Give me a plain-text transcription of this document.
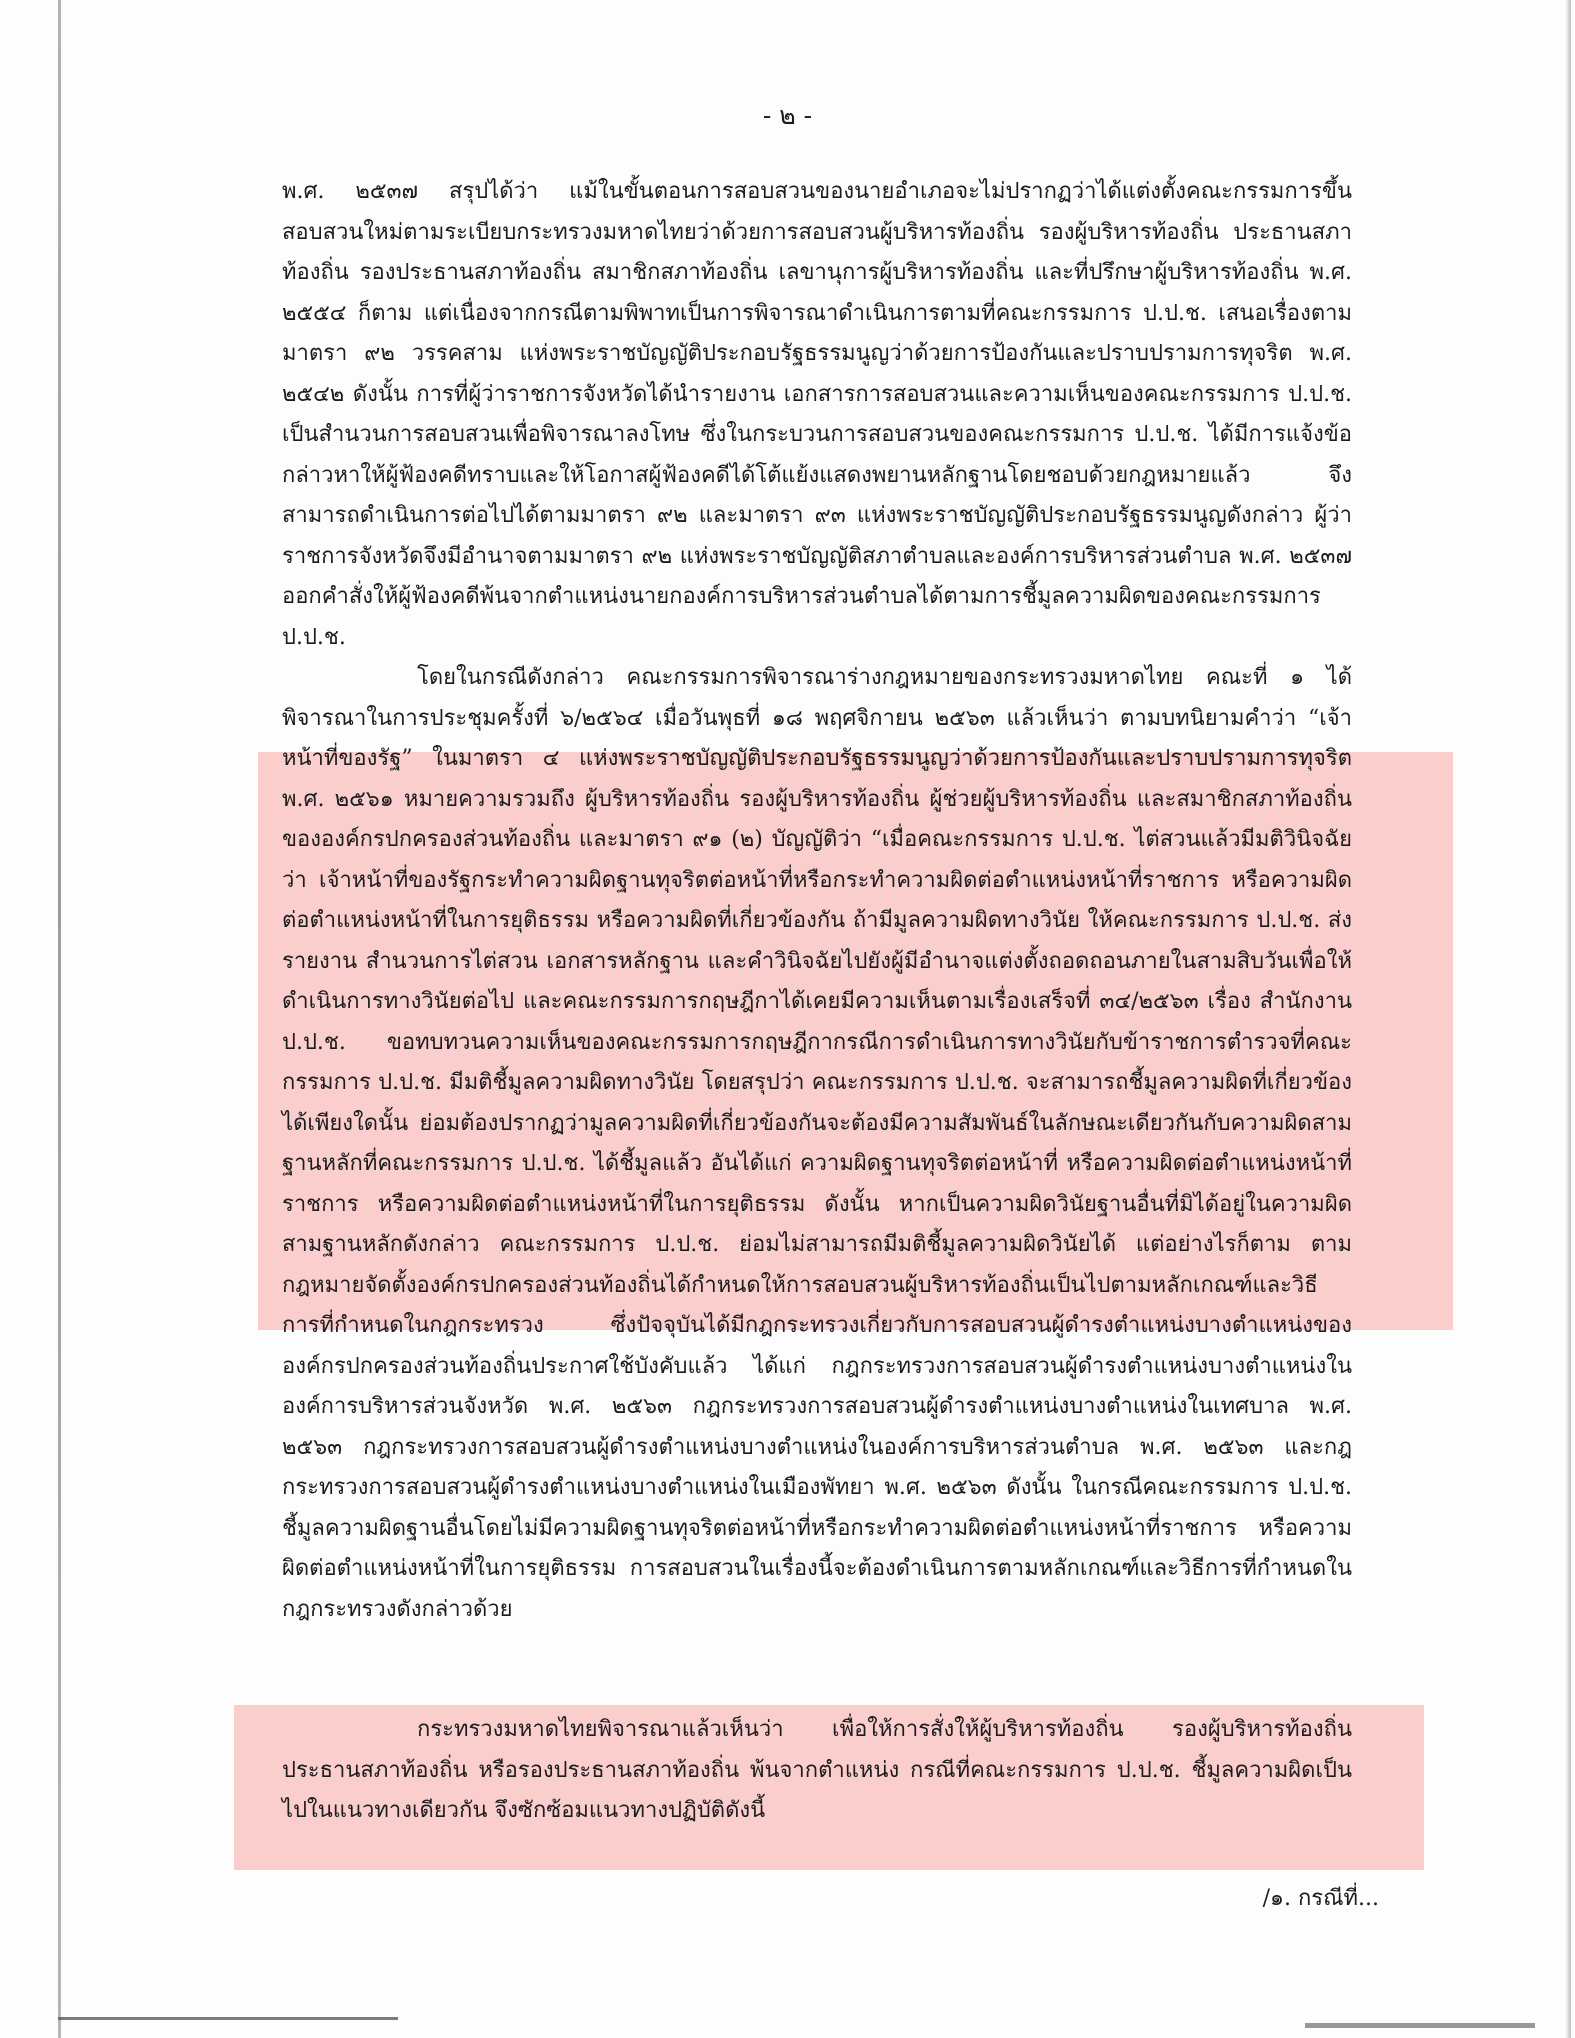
- ๒ -

พ.ศ. ๒๕๓๗ สรุปได้ว่า แม้ในขั้นตอนการสอบสวนของนายอำเภอจะไม่ปรากฏว่าได้แต่งตั้งคณะกรรมการขึ้นสอบสวนใหม่ตามระเบียบกระทรวงมหาดไทยว่าด้วยการสอบสวนผู้บริหารท้องถิ่น รองผู้บริหารท้องถิ่น ประธานสภาท้องถิ่น รองประธานสภาท้องถิ่น สมาชิกสภาท้องถิ่น เลขานุการผู้บริหารท้องถิ่น และที่ปรึกษาผู้บริหารท้องถิ่น พ.ศ. ๒๕๕๔ ก็ตาม แต่เนื่องจากกรณีตามพิพาทเป็นการพิจารณาดำเนินการตามที่คณะกรรมการ ป.ป.ช. เสนอเรื่องตามมาตรา ๙๒ วรรคสาม แห่งพระราชบัญญัติประกอบรัฐธรรมนูญว่าด้วยการป้องกันและปราบปรามการทุจริต พ.ศ. ๒๕๔๒ ดังนั้น การที่ผู้ว่าราชการจังหวัดได้นำรายงาน เอกสารการสอบสวนและความเห็นของคณะกรรมการ ป.ป.ช. เป็นสำนวนการสอบสวนเพื่อพิจารณาลงโทษ ซึ่งในกระบวนการสอบสวนของคณะกรรมการ ป.ป.ช. ได้มีการแจ้งข้อกล่าวหาให้ผู้ฟ้องคดีทราบและให้โอกาสผู้ฟ้องคดีได้โต้แย้งแสดงพยานหลักฐานโดยชอบด้วยกฎหมายแล้ว จึงสามารถดำเนินการต่อไปได้ตามมาตรา ๙๒ และมาตรา ๙๓ แห่งพระราชบัญญัติประกอบรัฐธรรมนูญดังกล่าว ผู้ว่าราชการจังหวัดจึงมีอำนาจตามมาตรา ๙๒ แห่งพระราชบัญญัติสภาตำบลและองค์การบริหารส่วนตำบล พ.ศ. ๒๕๓๗ ออกคำสั่งให้ผู้ฟ้องคดีพ้นจากตำแหน่งนายกองค์การบริหารส่วนตำบลได้ตามการชี้มูลความผิดของคณะกรรมการ ป.ป.ช.

โดยในกรณีดังกล่าว คณะกรรมการพิจารณาร่างกฎหมายของกระทรวงมหาดไทย คณะที่ ๑ ได้พิจารณาในการประชุมครั้งที่ ๖/๒๕๖๔ เมื่อวันพุธที่ ๑๘ พฤศจิกายน ๒๕๖๓ แล้วเห็นว่า ตามบทนิยามคำว่า “เจ้าหน้าที่ของรัฐ” ในมาตรา ๔ แห่งพระราชบัญญัติประกอบรัฐธรรมนูญว่าด้วยการป้องกันและปราบปรามการทุจริต พ.ศ. ๒๕๖๑ หมายความรวมถึง ผู้บริหารท้องถิ่น รองผู้บริหารท้องถิ่น ผู้ช่วยผู้บริหารท้องถิ่น และสมาชิกสภาท้องถิ่นขององค์กรปกครองส่วนท้องถิ่น และมาตรา ๙๑ (๒) บัญญัติว่า “เมื่อคณะกรรมการ ป.ป.ช. ไต่สวนแล้วมีมติวินิจฉัยว่า เจ้าหน้าที่ของรัฐกระทำความผิดฐานทุจริตต่อหน้าที่หรือกระทำความผิดต่อตำแหน่งหน้าที่ราชการ หรือความผิดต่อตำแหน่งหน้าที่ในการยุติธรรม หรือความผิดที่เกี่ยวข้องกัน ถ้ามีมูลความผิดทางวินัย ให้คณะกรรมการ ป.ป.ช. ส่งรายงาน สำนวนการไต่สวน เอกสารหลักฐาน และคำวินิจฉัยไปยังผู้มีอำนาจแต่งตั้งถอดถอนภายในสามสิบวันเพื่อให้ดำเนินการทางวินัยต่อไป และคณะกรรมการกฤษฎีกาได้เคยมีความเห็นตามเรื่องเสร็จที่ ๓๔/๒๕๖๓ เรื่อง สำนักงาน ป.ป.ช. ขอทบทวนความเห็นของคณะกรรมการกฤษฎีกากรณีการดำเนินการทางวินัยกับข้าราชการตำรวจที่คณะกรรมการ ป.ป.ช. มีมติชี้มูลความผิดทางวินัย โดยสรุปว่า คณะกรรมการ ป.ป.ช. จะสามารถชี้มูลความผิดที่เกี่ยวข้องได้เพียงใดนั้น ย่อมต้องปรากฏว่ามูลความผิดที่เกี่ยวข้องกันจะต้องมีความสัมพันธ์ในลักษณะเดียวกันกับความผิดสามฐานหลักที่คณะกรรมการ ป.ป.ช. ได้ชี้มูลแล้ว อันได้แก่ ความผิดฐานทุจริตต่อหน้าที่ หรือความผิดต่อตำแหน่งหน้าที่ราชการ หรือความผิดต่อตำแหน่งหน้าที่ในการยุติธรรม ดังนั้น หากเป็นความผิดวินัยฐานอื่นที่มิได้อยู่ในความผิดสามฐานหลักดังกล่าว คณะกรรมการ ป.ป.ช. ย่อมไม่สามารถมีมติชี้มูลความผิดวินัยได้ แต่อย่างไรก็ตาม ตามกฎหมายจัดตั้งองค์กรปกครองส่วนท้องถิ่นได้กำหนดให้การสอบสวนผู้บริหารท้องถิ่นเป็นไปตามหลักเกณฑ์และวิธีการที่กำหนดในกฎกระทรวง ซึ่งปัจจุบันได้มีกฎกระทรวงเกี่ยวกับการสอบสวนผู้ดำรงตำแหน่งบางตำแหน่งขององค์กรปกครองส่วนท้องถิ่นประกาศใช้บังคับแล้ว ได้แก่ กฎกระทรวงการสอบสวนผู้ดำรงตำแหน่งบางตำแหน่งในองค์การบริหารส่วนจังหวัด พ.ศ. ๒๕๖๓ กฎกระทรวงการสอบสวนผู้ดำรงตำแหน่งบางตำแหน่งในเทศบาล พ.ศ. ๒๕๖๓ กฎกระทรวงการสอบสวนผู้ดำรงตำแหน่งบางตำแหน่งในองค์การบริหารส่วนตำบล พ.ศ. ๒๕๖๓ และกฎกระทรวงการสอบสวนผู้ดำรงตำแหน่งบางตำแหน่งในเมืองพัทยา พ.ศ. ๒๕๖๓ ดังนั้น ในกรณีคณะกรรมการ ป.ป.ช. ชี้มูลความผิดฐานอื่นโดยไม่มีความผิดฐานทุจริตต่อหน้าที่หรือกระทำความผิดต่อตำแหน่งหน้าที่ราชการ หรือความผิดต่อตำแหน่งหน้าที่ในการยุติธรรม การสอบสวนในเรื่องนี้จะต้องดำเนินการตามหลักเกณฑ์และวิธีการที่กำหนดในกฎกระทรวงดังกล่าวด้วย

กระทรวงมหาดไทยพิจารณาแล้วเห็นว่า เพื่อให้การสั่งให้ผู้บริหารท้องถิ่น รองผู้บริหารท้องถิ่น ประธานสภาท้องถิ่น หรือรองประธานสภาท้องถิ่น พ้นจากตำแหน่ง กรณีที่คณะกรรมการ ป.ป.ช. ชี้มูลความผิดเป็นไปในแนวทางเดียวกัน จึงซักซ้อมแนวทางปฏิบัติดังนี้

/๑. กรณีที่...
